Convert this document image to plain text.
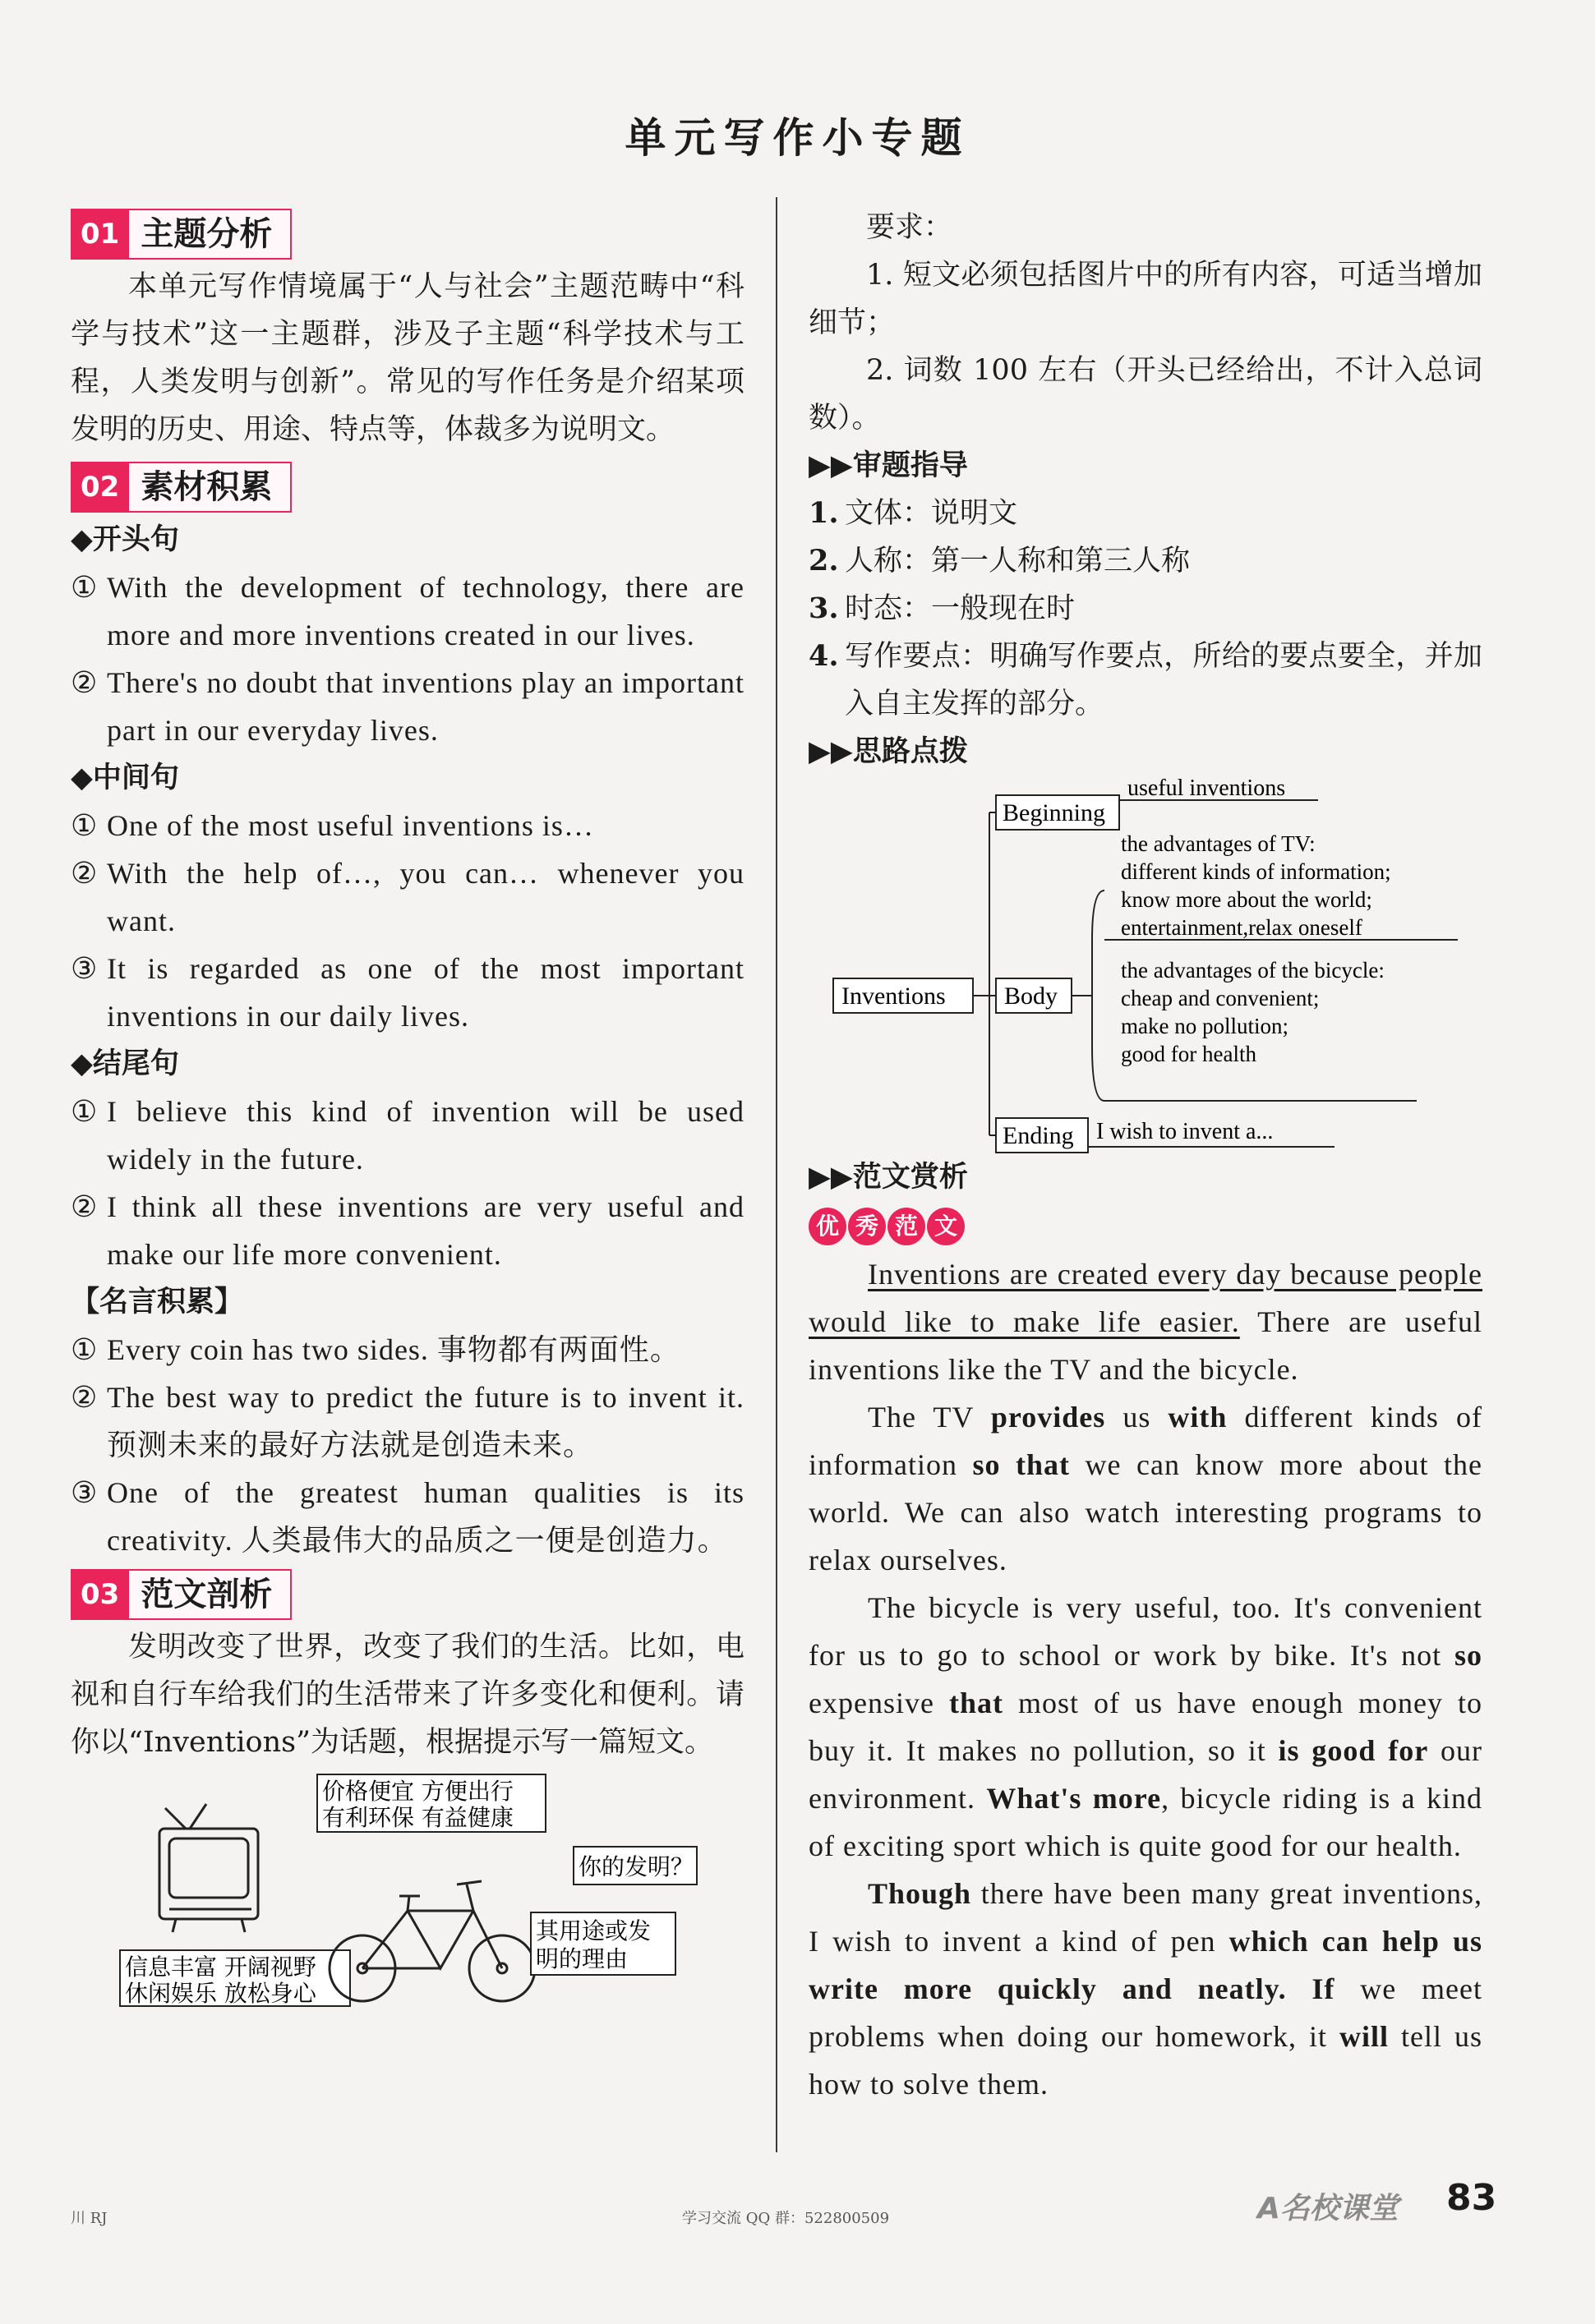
单元写作小专题
01 主题分析

本单元写作情境属于“人与社会”主题范畴中“科学与技术”这一主题群，涉及子主题“科学技术与工程，人类发明与创新”。常见的写作任务是介绍某项发明的历史、用途、特点等，体裁多为说明文。

02 素材积累
◆开头句
① With the development of technology, there are more and more inventions created in our lives.
② There's no doubt that inventions play an important part in our everyday lives.
◆中间句
① One of the most useful inventions is…
② With the help of…, you can… whenever you want.
③ It is regarded as one of the most important inventions in our daily lives.
◆结尾句
① I believe this kind of invention will be used widely in the future.
② I think all these inventions are very useful and make our life more convenient.
【名言积累】
① Every coin has two sides. 事物都有两面性。
② The best way to predict the future is to invent it. 预测未来的最好方法就是创造未来。
③ One of the greatest human qualities is its creativity. 人类最伟大的品质之一便是创造力。
03 范文剖析

发明改变了世界，改变了我们的生活。比如，电视和自行车给我们的生活带来了许多变化和便利。请你以“Inventions”为话题，根据提示写一篇短文。

信息丰富 开阔视野
休闲娱乐 放松身心
价格便宜 方便出行
有利环保 有益健康
你的发明？
其用途或发
明的理由

要求：

1. 短文必须包括图片中的所有内容，可适当增加细节；

2. 词数 100 左右（开头已经给出，不计入总词数）。

▶▶审题指导
1. 文体：说明文
2. 人称：第一人称和第三人称
3. 时态：一般现在时
4. 写作要点：明确写作要点，所给的要点要全，并加入自主发挥的部分。
▶▶思路点拨
Inventions
Beginning
useful inventions
Body
the advantages of TV:
different kinds of information;
know more about the world;
entertainment,relax oneself
the advantages of the bicycle:
cheap and convenient;
make no pollution;
good for health
Ending I wish to invent a...
▶▶范文赏析
优 秀 范 文

Inventions are created every day because people would like to make life easier. There are useful inventions like the TV and the bicycle.

The TV provides us with different kinds of information so that we can know more about the world. We can also watch interesting programs to relax ourselves.

The bicycle is very useful, too. It's convenient for us to go to school or work by bike. It's not so expensive that most of us have enough money to buy it. It makes no pollution, so it is good for our environment. What's more, bicycle riding is a kind of exciting sport which is quite good for our health.

Though there have been many great inventions, I wish to invent a kind of pen which can help us write more quickly and neatly. If we meet problems when doing our homework, it will tell us how to solve them.

川 RJ	学习交流 QQ 群：522800509	A名校课堂 83
